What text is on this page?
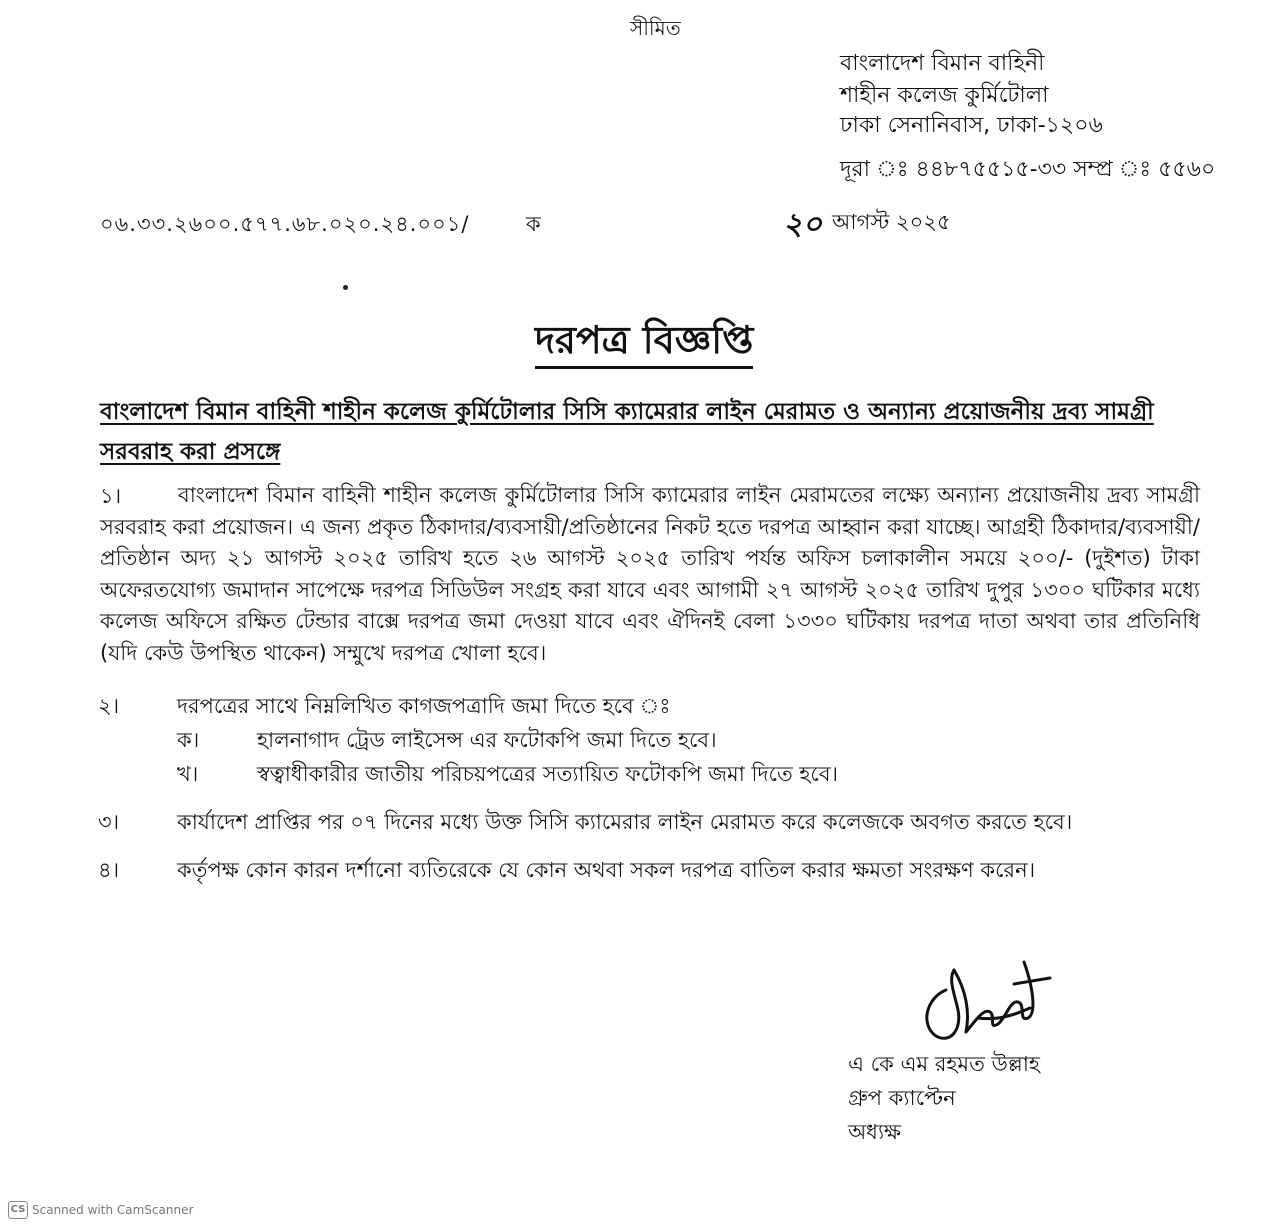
সীমিত
বাংলাদেশ বিমান বাহিনী
শাহীন কলেজ কুর্মিটোলা
ঢাকা সেনানিবাস, ঢাকা-১২০৬
দূরা ঃ ৪৪৮৭৫৫১৫-৩৩ সম্প্র ঃ ৫৫৬০
০৬.৩৩.২৬০০.৫৭৭.৬৮.০২০.২৪.০০১/	ক	২০ আগস্ট ২০২৫
দরপত্র বিজ্ঞপ্তি
বাংলাদেশ বিমান বাহিনী শাহীন কলেজ কুর্মিটোলার সিসি ক্যামেরার লাইন মেরামত ও অন্যান্য প্রয়োজনীয় দ্রব্য সামগ্রী সরবরাহ করা প্রসঙ্গে
১।	বাংলাদেশ বিমান বাহিনী শাহীন কলেজ কুর্মিটোলার সিসি ক্যামেরার লাইন মেরামতের লক্ষ্যে অন্যান্য প্রয়োজনীয় দ্রব্য সামগ্রী সরবরাহ করা প্রয়োজন। এ জন্য প্রকৃত ঠিকাদার/ব্যবসায়ী/প্রতিষ্ঠানের নিকট হতে দরপত্র আহ্বান করা যাচ্ছে। আগ্রহী ঠিকাদার/ব্যবসায়ী/প্রতিষ্ঠান অদ্য ২১ আগস্ট ২০২৫ তারিখ হতে ২৬ আগস্ট ২০২৫ তারিখ পর্যন্ত অফিস চলাকালীন সময়ে ২০০/- (দুইশত) টাকা অফেরতযোগ্য জমাদান সাপেক্ষে দরপত্র সিডিউল সংগ্রহ করা যাবে এবং আগামী ২৭ আগস্ট ২০২৫ তারিখ দুপুর ১৩০০ ঘটিকার মধ্যে কলেজ অফিসে রক্ষিত টেন্ডার বাক্সে দরপত্র জমা দেওয়া যাবে এবং ঐদিনই বেলা ১৩৩০ ঘটিকায় দরপত্র দাতা অথবা তার প্রতিনিধি (যদি কেউ উপস্থিত থাকেন) সম্মুখে দরপত্র খোলা হবে।
২।	দরপত্রের সাথে নিম্নলিখিত কাগজপত্রাদি জমা দিতে হবে ঃ
ক।	হালনাগাদ ট্রেড লাইসেন্স এর ফটোকপি জমা দিতে হবে।
খ।	স্বত্বাধীকারীর জাতীয় পরিচয়পত্রের সত্যায়িত ফটোকপি জমা দিতে হবে।
৩।	কার্যাদেশ প্রাপ্তির পর ০৭ দিনের মধ্যে উক্ত সিসি ক্যামেরার লাইন মেরামত করে কলেজকে অবগত করতে হবে।
৪।	কর্তৃপক্ষ কোন কারন দর্শানো ব্যতিরেকে যে কোন অথবা সকল দরপত্র বাতিল করার ক্ষমতা সংরক্ষণ করেন।
এ কে এম রহমত উল্লাহ
গ্রুপ ক্যাপ্টেন
অধ্যক্ষ
CS Scanned with CamScanner
